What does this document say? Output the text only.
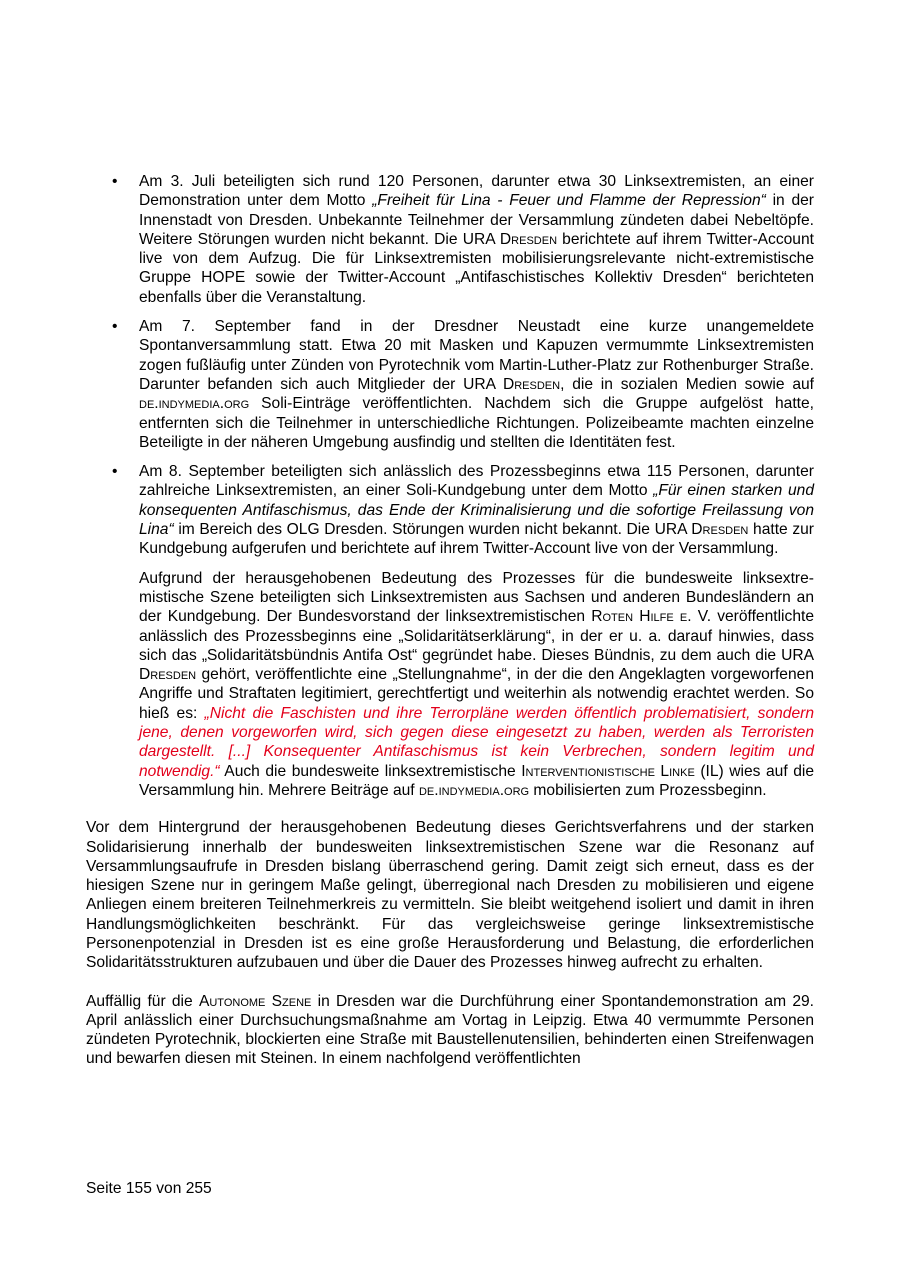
• Am 3. Juli beteiligten sich rund 120 Personen, darunter etwa 30 Linksextremisten, an einer Demonstration unter dem Motto „Freiheit für Lina - Feuer und Flamme der Repression“ in der Innenstadt von Dresden. Unbekannte Teilnehmer der Versammlung zündeten dabei Nebeltöpfe. Weitere Störungen wurden nicht bekannt. Die URA Dresden berichtete auf ihrem Twitter-Account live von dem Aufzug. Die für Linksextremisten mobilisierungsrelevante nicht-extremistische Gruppe HOPE sowie der Twitter-Account „Antifaschistisches Kollektiv Dresden“ berichteten ebenfalls über die Veranstaltung.

• Am 7. September fand in der Dresdner Neustadt eine kurze unangemeldete Spontanversammlung statt. Etwa 20 mit Masken und Kapuzen vermummte Linksextremisten zogen fußläufig unter Zünden von Pyrotechnik vom Martin-Luther-Platz zur Rothenburger Straße. Darunter befanden sich auch Mitglieder der URA Dresden, die in sozialen Medien sowie auf de.indymedia.org Soli-Einträge veröffentlichten. Nachdem sich die Gruppe aufgelöst hatte, entfernten sich die Teilnehmer in unterschiedliche Richtungen. Polizeibeamte machten einzelne Beteiligte in der näheren Umgebung ausfindig und stellten die Identitäten fest.

• Am 8. September beteiligten sich anlässlich des Prozessbeginns etwa 115 Personen, darunter zahlreiche Linksextremisten, an einer Soli-Kundgebung unter dem Motto „Für einen starken und konsequenten Antifaschismus, das Ende der Kriminalisierung und die sofortige Freilassung von Lina“ im Bereich des OLG Dresden. Störungen wurden nicht bekannt. Die URA Dresden hatte zur Kundgebung aufgerufen und berichtete auf ihrem Twitter-Account live von der Versammlung.

Aufgrund der herausgehobenen Bedeutung des Prozesses für die bundesweite linksextremistische Szene beteiligten sich Linksextremisten aus Sachsen und anderen Bundesländern an der Kundgebung. Der Bundesvorstand der linksextremistischen Roten Hilfe e. V. veröffentlichte anlässlich des Prozessbeginns eine „Solidaritätserklärung“, in der er u. a. darauf hinwies, dass sich das „Solidaritätsbündnis Antifa Ost“ gegründet habe. Dieses Bündnis, zu dem auch die URA Dresden gehört, veröffentlichte eine „Stellungnahme“, in der die den Angeklagten vorgeworfenen Angriffe und Straftaten legitimiert, gerechtfertigt und weiterhin als notwendig erachtet werden. So hieß es: „Nicht die Faschisten und ihre Terrorpläne werden öffentlich problematisiert, sondern jene, denen vorgeworfen wird, sich gegen diese eingesetzt zu haben, werden als Terroristen dargestellt. [...] Konsequenter Antifaschismus ist kein Verbrechen, sondern legitim und notwendig.“ Auch die bundesweite linksextremistische Interventionistische Linke (IL) wies auf die Versammlung hin. Mehrere Beiträge auf de.indymedia.org mobilisierten zum Prozessbeginn.

Vor dem Hintergrund der herausgehobenen Bedeutung dieses Gerichtsverfahrens und der starken Solidarisierung innerhalb der bundesweiten linksextremistischen Szene war die Resonanz auf Versammlungsaufrufe in Dresden bislang überraschend gering. Damit zeigt sich erneut, dass es der hiesigen Szene nur in geringem Maße gelingt, überregional nach Dresden zu mobilisieren und eigene Anliegen einem breiteren Teilnehmerkreis zu vermitteln. Sie bleibt weitgehend isoliert und damit in ihren Handlungsmöglichkeiten beschränkt. Für das vergleichsweise geringe linksextremistische Personenpotenzial in Dresden ist es eine große Herausforderung und Belastung, die erforderlichen Solidaritätsstrukturen aufzubauen und über die Dauer des Prozesses hinweg aufrecht zu erhalten.

Auffällig für die Autonome Szene in Dresden war die Durchführung einer Spontandemonstration am 29. April anlässlich einer Durchsuchungsmaßnahme am Vortag in Leipzig. Etwa 40 vermummte Personen zündeten Pyrotechnik, blockierten eine Straße mit Baustellenutensilien, behinderten einen Streifenwagen und bewarfen diesen mit Steinen. In einem nachfolgend veröffentlichten

Seite 155 von 255
